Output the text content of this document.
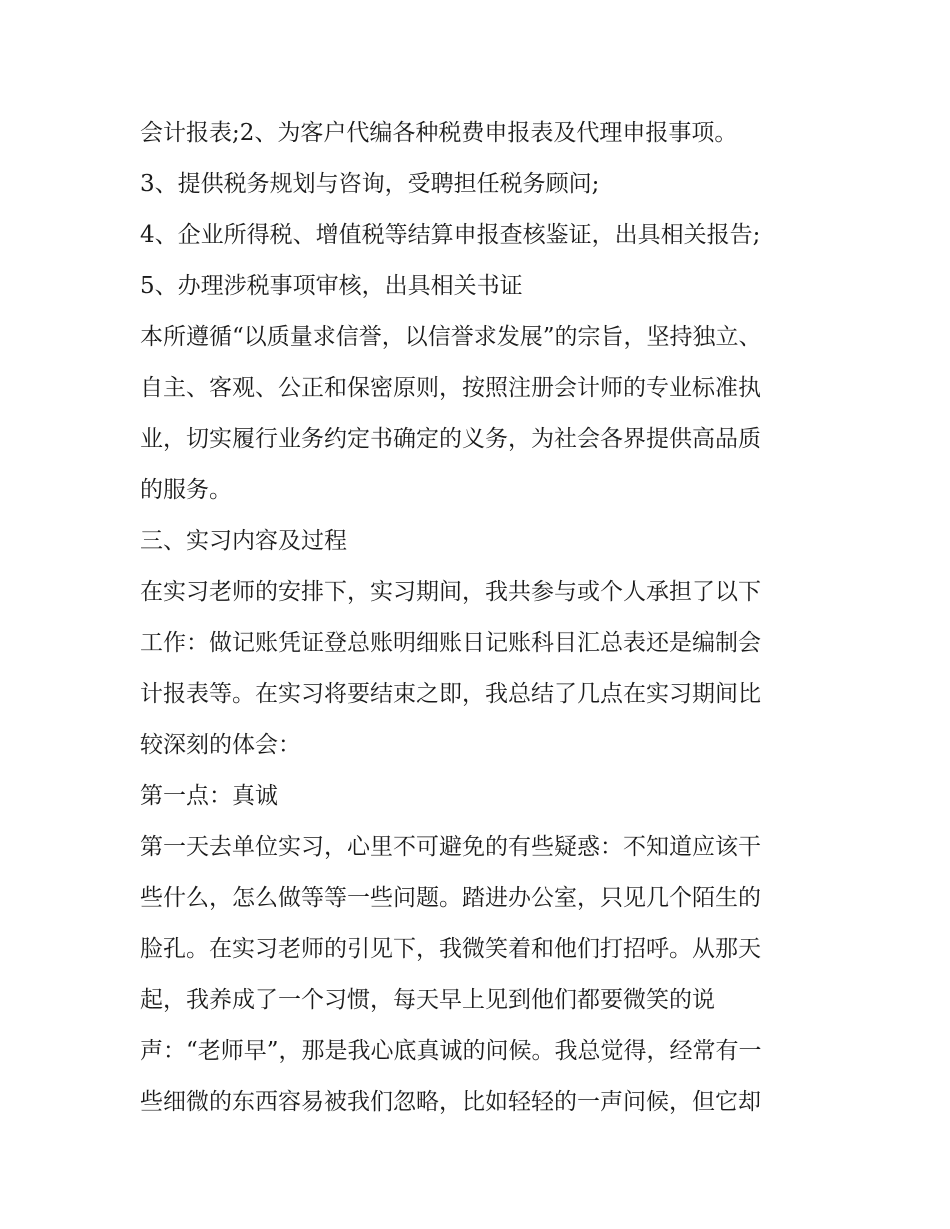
会计报表;2、为客户代编各种税费申报表及代理申报事项。
3、提供税务规划与咨询，受聘担任税务顾问;
4、企业所得税、增值税等结算申报查核鉴证，出具相关报告;
5、办理涉税事项审核，出具相关书证
本所遵循“以质量求信誉，以信誉求发展”的宗旨，坚持独立、
自主、客观、公正和保密原则，按照注册会计师的专业标准执
业，切实履行业务约定书确定的义务，为社会各界提供高品质
的服务。
三、实习内容及过程
在实习老师的安排下，实习期间，我共参与或个人承担了以下
工作：做记账凭证登总账明细账日记账科目汇总表还是编制会
计报表等。在实习将要结束之即，我总结了几点在实习期间比
较深刻的体会：
第一点：真诚
第一天去单位实习，心里不可避免的有些疑惑：不知道应该干
些什么，怎么做等等一些问题。踏进办公室，只见几个陌生的
脸孔。在实习老师的引见下，我微笑着和他们打招呼。从那天
起，我养成了一个习惯，每天早上见到他们都要微笑的说
声：“老师早”，那是我心底真诚的问候。我总觉得，经常有一
些细微的东西容易被我们忽略，比如轻轻的一声问候，但它却
